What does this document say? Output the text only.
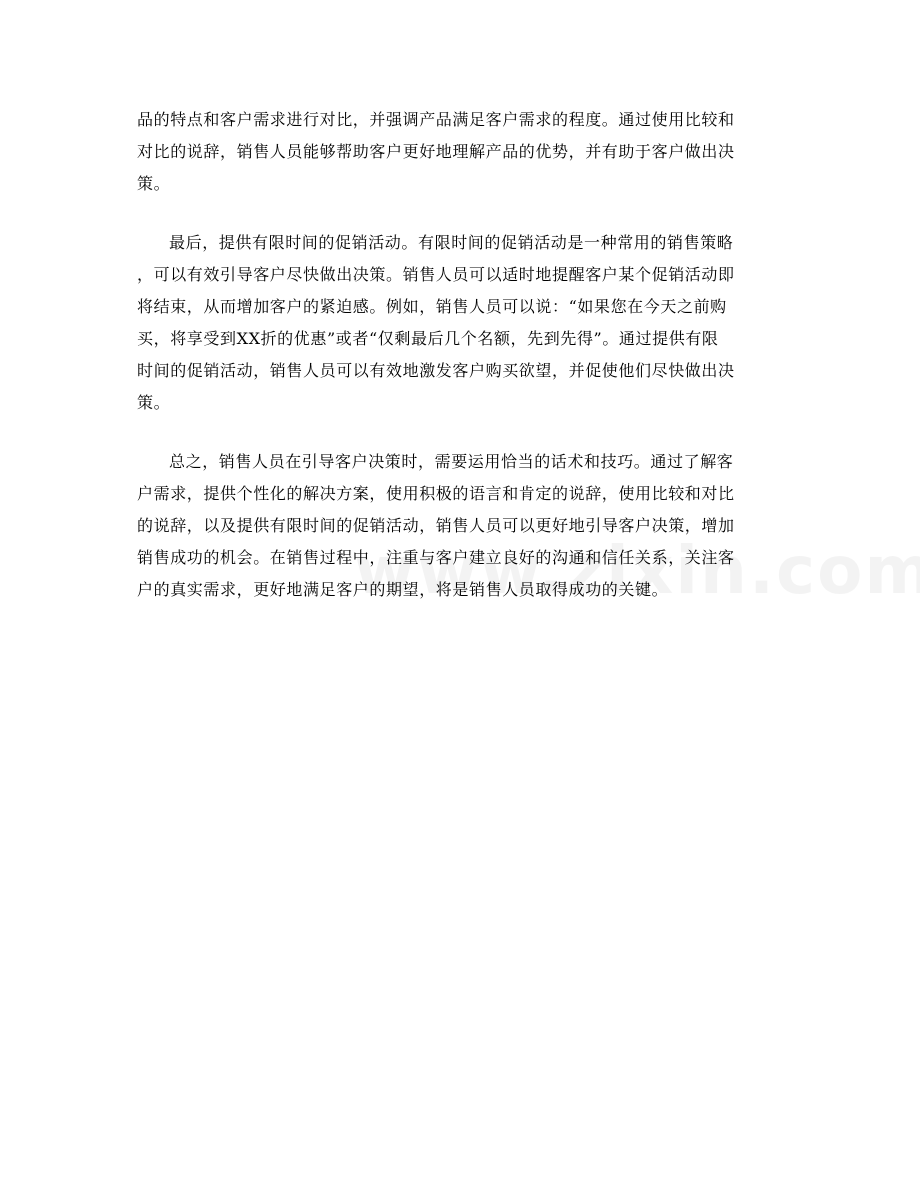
品的特点和客户需求进行对比，并强调产品满足客户需求的程度。通过使用比较和
对比的说辞，销售人员能够帮助客户更好地理解产品的优势，并有助于客户做出决
策。
最后，提供有限时间的促销活动。有限时间的促销活动是一种常用的销售策略
，可以有效引导客户尽快做出决策。销售人员可以适时地提醒客户某个促销活动即
将结束，从而增加客户的紧迫感。例如，销售人员可以说：“如果您在今天之前购
买，将享受到XX折的优惠”或者“仅剩最后几个名额，先到先得”。通过提供有限
时间的促销活动，销售人员可以有效地激发客户购买欲望，并促使他们尽快做出决
策。
总之，销售人员在引导客户决策时，需要运用恰当的话术和技巧。通过了解客
户需求，提供个性化的解决方案，使用积极的语言和肯定的说辞，使用比较和对比
的说辞，以及提供有限时间的促销活动，销售人员可以更好地引导客户决策，增加
销售成功的机会。在销售过程中，注重与客户建立良好的沟通和信任关系，关注客
户的真实需求，更好地满足客户的期望，将是销售人员取得成功的关键。
